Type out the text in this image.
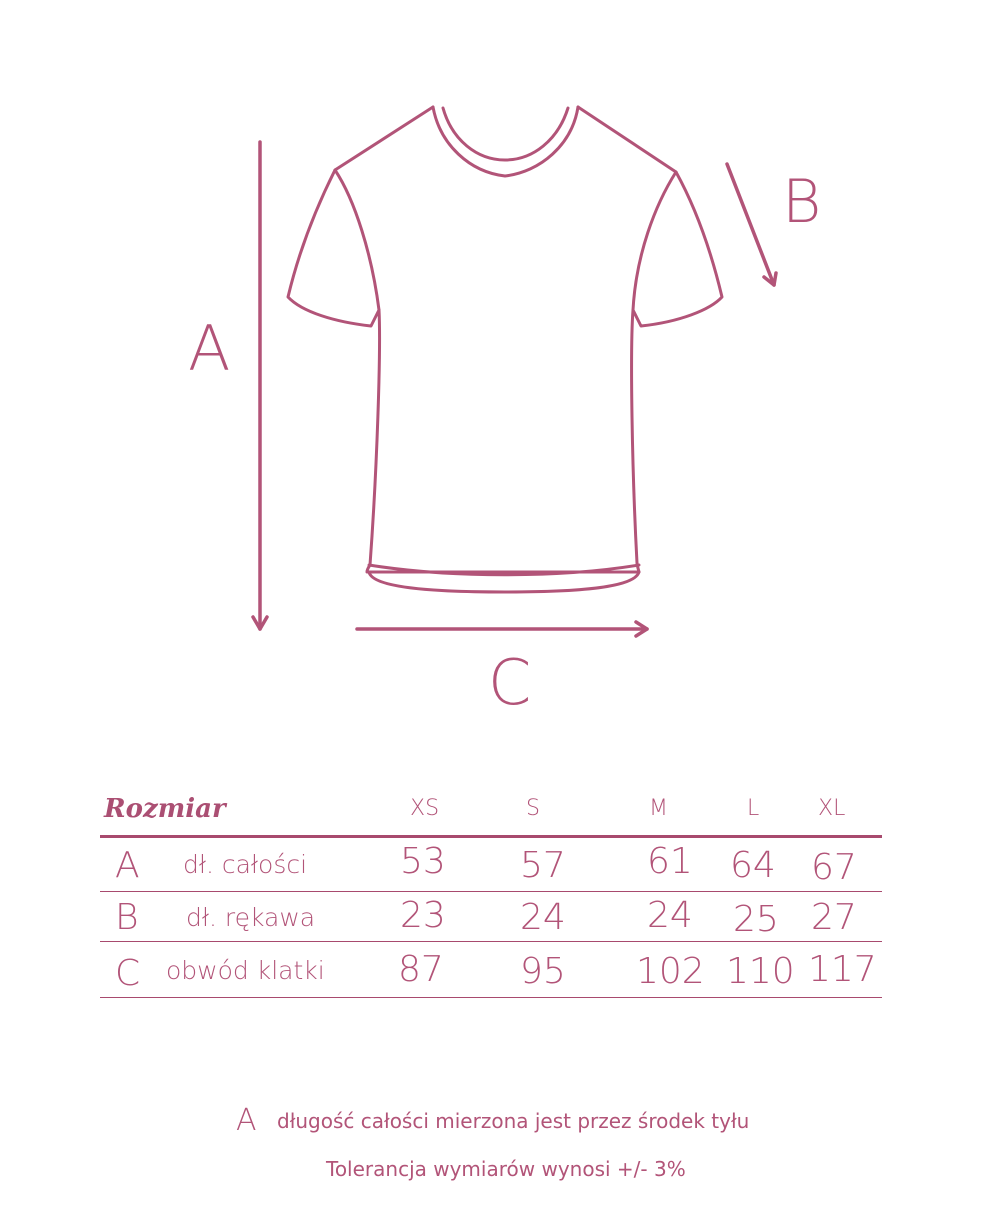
A
B
C
Rozmiar	XS	S	M	L	XL
A dł. całości	53 57 61 64 67
B dł. rękawa 23 24 24 25 27
C obwód klatki 87 95 102 110 117
A długość całości mierzona jest przez środek tyłu
Tolerancja wymiarów wynosi +/- 3%
